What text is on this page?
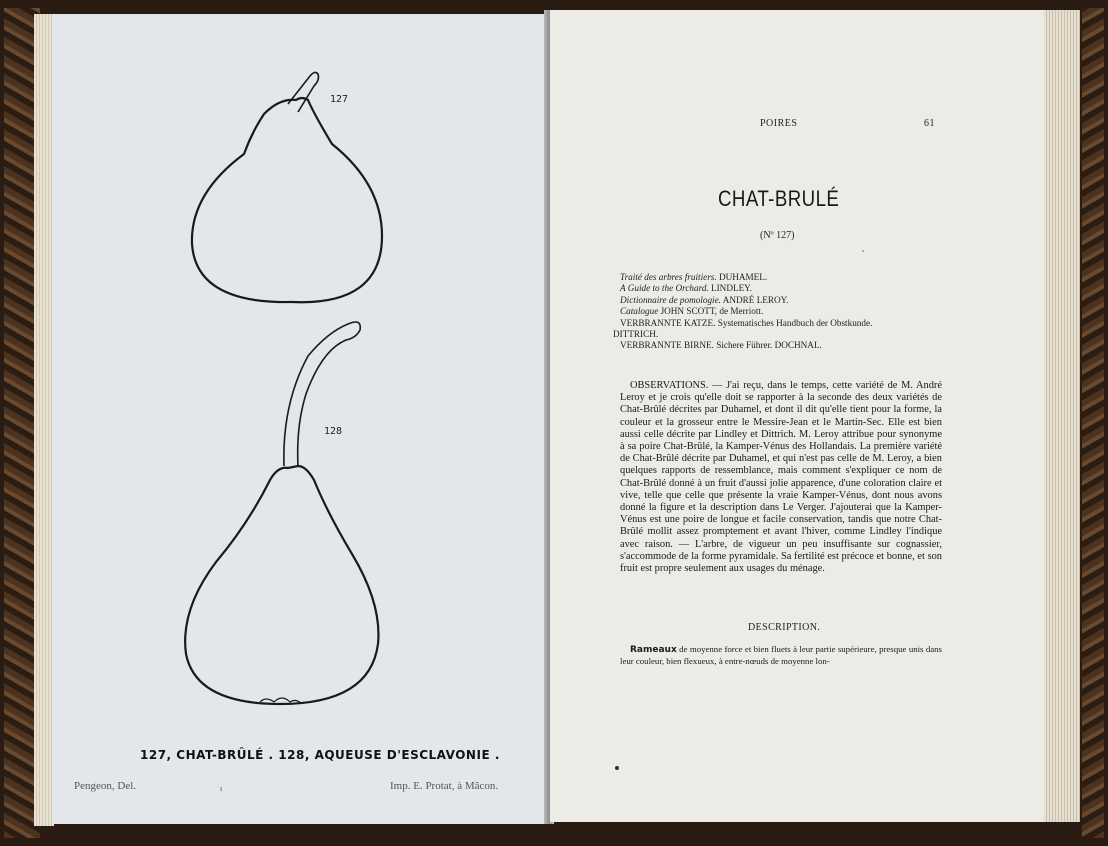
127
128
127, CHAT-BRÛLÉ . 128, AQUEUSE D'ESCLAVONIE .
Pengeon, Del.	ı	Imp. E. Protat, à Mâcon.
POIRES	61
CHAT-BRULÉ
(Nº 127)
Traité des arbres fruitiers. DUHAMEL.
A Guide to the Orchard. LINDLEY.
Dictionnaire de pomologie. ANDRÉ LEROY.
Catalogue JOHN SCOTT, de Merriott.
VERBRANNTE KATZE. Systematisches Handbuch der Obstkunde.
DITTRICH.
VERBRANNTE BIRNE. Sichere Führer. DOCHNAL.
OBSERVATIONS. — J'ai reçu, dans le temps, cette variété de M. André Leroy et je crois qu'elle doit se rapporter à la seconde des deux variétés de Chat-Brûlé décrites par Duhamel, et dont il dit qu'elle tient pour la forme, la couleur et la grosseur entre le Messire-Jean et le Martin-Sec. Elle est bien aussi celle décrite par Lindley et Dittrich. M. Leroy attribue pour synonyme à sa poire Chat-Brûlé, la Kamper-Vénus des Hollandais. La première variété de Chat-Brûlé décrite par Duhamel, et qui n'est pas celle de M. Leroy, a bien quelques rapports de ressemblance, mais comment s'expliquer ce nom de Chat-Brûlé donné à un fruit d'aussi jolie apparence, d'une coloration claire et vive, telle que celle que présente la vraie Kamper-Vénus, dont nous avons donné la figure et la description dans Le Verger. J'ajouterai que la Kamper-Vénus est une poire de longue et facile conservation, tandis que notre Chat-Brûlé mollit assez promptement et avant l'hiver, comme Lindley l'indique avec raison. — L'arbre, de vigueur un peu insuffisante sur cognassier, s'accommode de la forme pyramidale. Sa fertilité est précoce et bonne, et son fruit est propre seulement aux usages du ménage.
DESCRIPTION.
Rameaux de moyenne force et bien fluets à leur partie supérieure, presque unis dans leur couleur, bien flexueux, à entre-nœuds de moyenne lon-
